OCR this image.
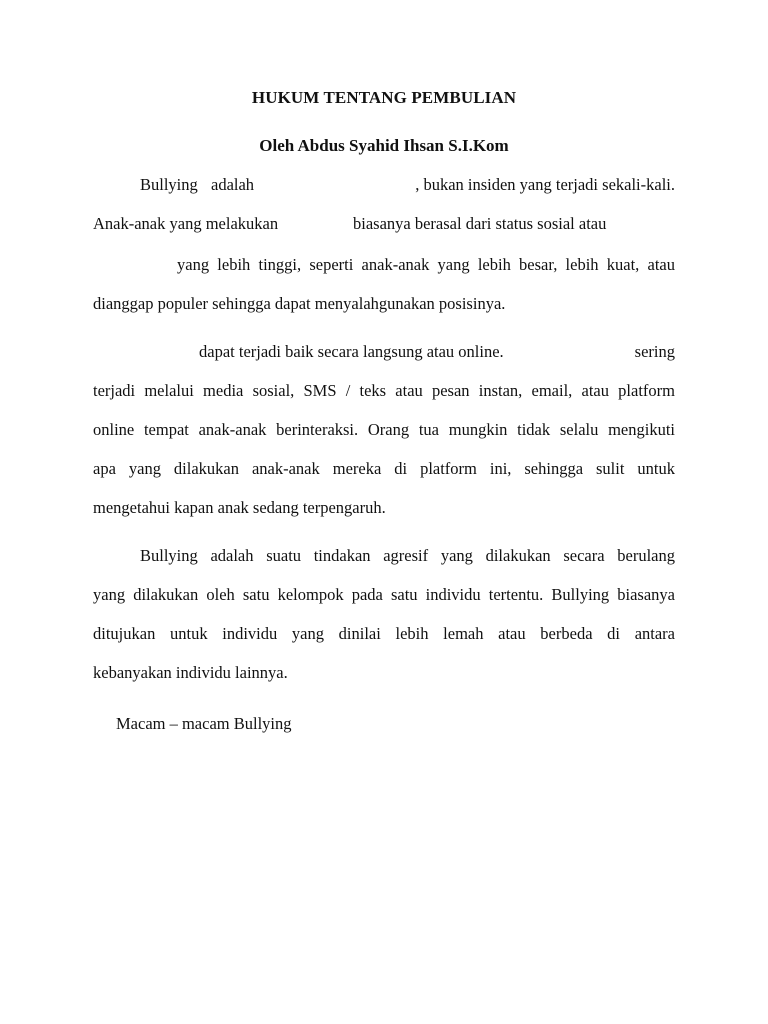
HUKUM TENTANG PEMBULIAN
Oleh Abdus Syahid Ihsan S.I.Kom
Bullying adalah	, bukan insiden yang terjadi sekali-kali.
Anak-anak yang melakukan	biasanya berasal dari status sosial atau
yang lebih tinggi, seperti anak-anak yang lebih besar, lebih kuat, atau
dianggap populer sehingga dapat menyalahgunakan posisinya.
dapat terjadi baik secara langsung atau online.	sering
terjadi melalui media sosial, SMS / teks atau pesan instan, email, atau platform
online tempat anak-anak berinteraksi. Orang tua mungkin tidak selalu mengikuti
apa yang dilakukan anak-anak mereka di platform ini, sehingga sulit untuk
mengetahui kapan anak sedang terpengaruh.
Bullying adalah suatu tindakan agresif yang dilakukan secara berulang
yang dilakukan oleh satu kelompok pada satu individu tertentu. Bullying biasanya
ditujukan untuk individu yang dinilai lebih lemah atau berbeda di antara
kebanyakan individu lainnya.
Macam – macam Bullying
